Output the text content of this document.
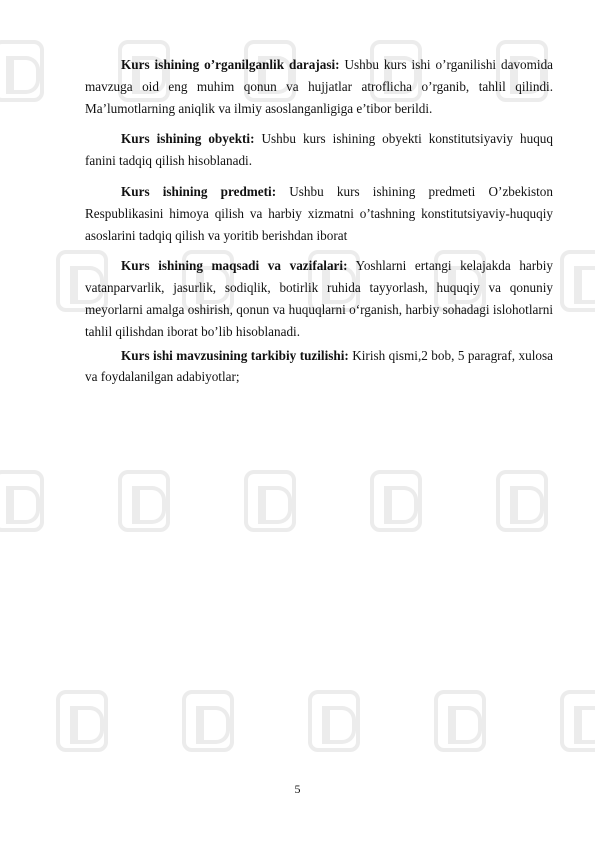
Kurs ishining o’rganilganlik darajasi: Ushbu kurs ishi o’rganilishi davomida mavzuga oid eng muhim qonun va hujjatlar atroflicha o’rganib, tahlil qilindi. Ma’lumotlarning aniqlik va ilmiy asoslanganligiga e’tibor berildi.

Kurs ishining obyekti: Ushbu kurs ishining obyekti konstitutsiyaviy huquq fanini tadqiq qilish hisoblanadi.

Kurs ishining predmeti: Ushbu kurs ishining predmeti O’zbekiston Respublikasini himoya qilish va harbiy xizmatni o’tashning konstitutsiyaviy-huquqiy asoslarini tadqiq qilish va yoritib berishdan iborat

Kurs ishining maqsadi va vazifalari: Yoshlarni ertangi kelajakda harbiy vatanparvarlik, jasurlik, sodiqlik, botirlik ruhida tayyorlash, huquqiy va qonuniy meyorlarni amalga oshirish, qonun va huquqlarni o‘rganish, harbiy sohadagi islohotlarni tahlil qilishdan iborat bo’lib hisoblanadi.

Kurs ishi mavzusining tarkibiy tuzilishi: Kirish qismi,2 bob, 5 paragraf, xulosa va foydalanilgan adabiyotlar;

5
